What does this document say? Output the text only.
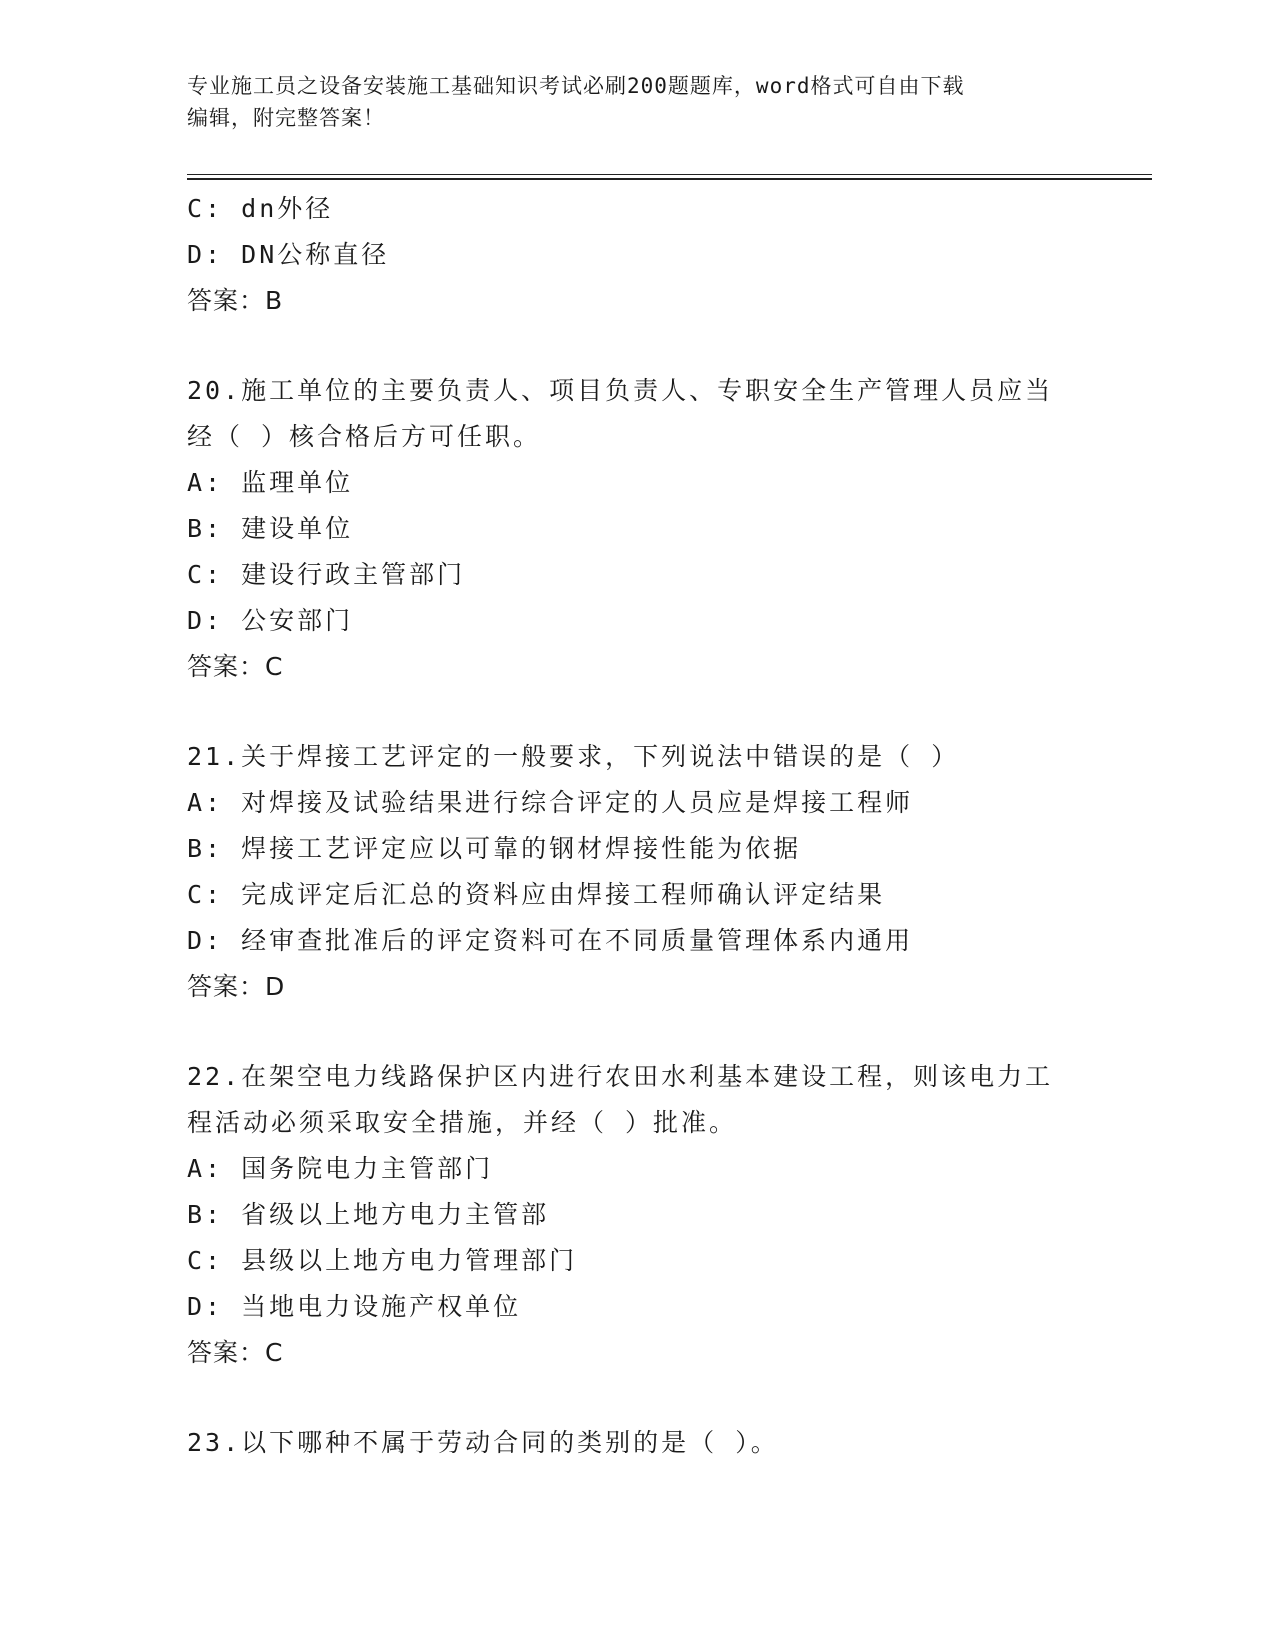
专业施工员之设备安装施工基础知识考试必刷200题题库，word格式可自由下载
编辑，附完整答案！
C: dn外径
D: DN公称直径
答案：B
20.施工单位的主要负责人、项目负责人、专职安全生产管理人员应当
经（ ）核合格后方可任职。
A: 监理单位
B: 建设单位
C: 建设行政主管部门
D: 公安部门
答案：C
21.关于焊接工艺评定的一般要求，下列说法中错误的是（ ）
A: 对焊接及试验结果进行综合评定的人员应是焊接工程师
B: 焊接工艺评定应以可靠的钢材焊接性能为依据
C: 完成评定后汇总的资料应由焊接工程师确认评定结果
D: 经审查批准后的评定资料可在不同质量管理体系内通用
答案：D
22.在架空电力线路保护区内进行农田水利基本建设工程，则该电力工
程活动必须采取安全措施，并经（ ）批准。
A: 国务院电力主管部门
B: 省级以上地方电力主管部
C: 县级以上地方电力管理部门
D: 当地电力设施产权单位
答案：C
23.以下哪种不属于劳动合同的类别的是（ ）。
